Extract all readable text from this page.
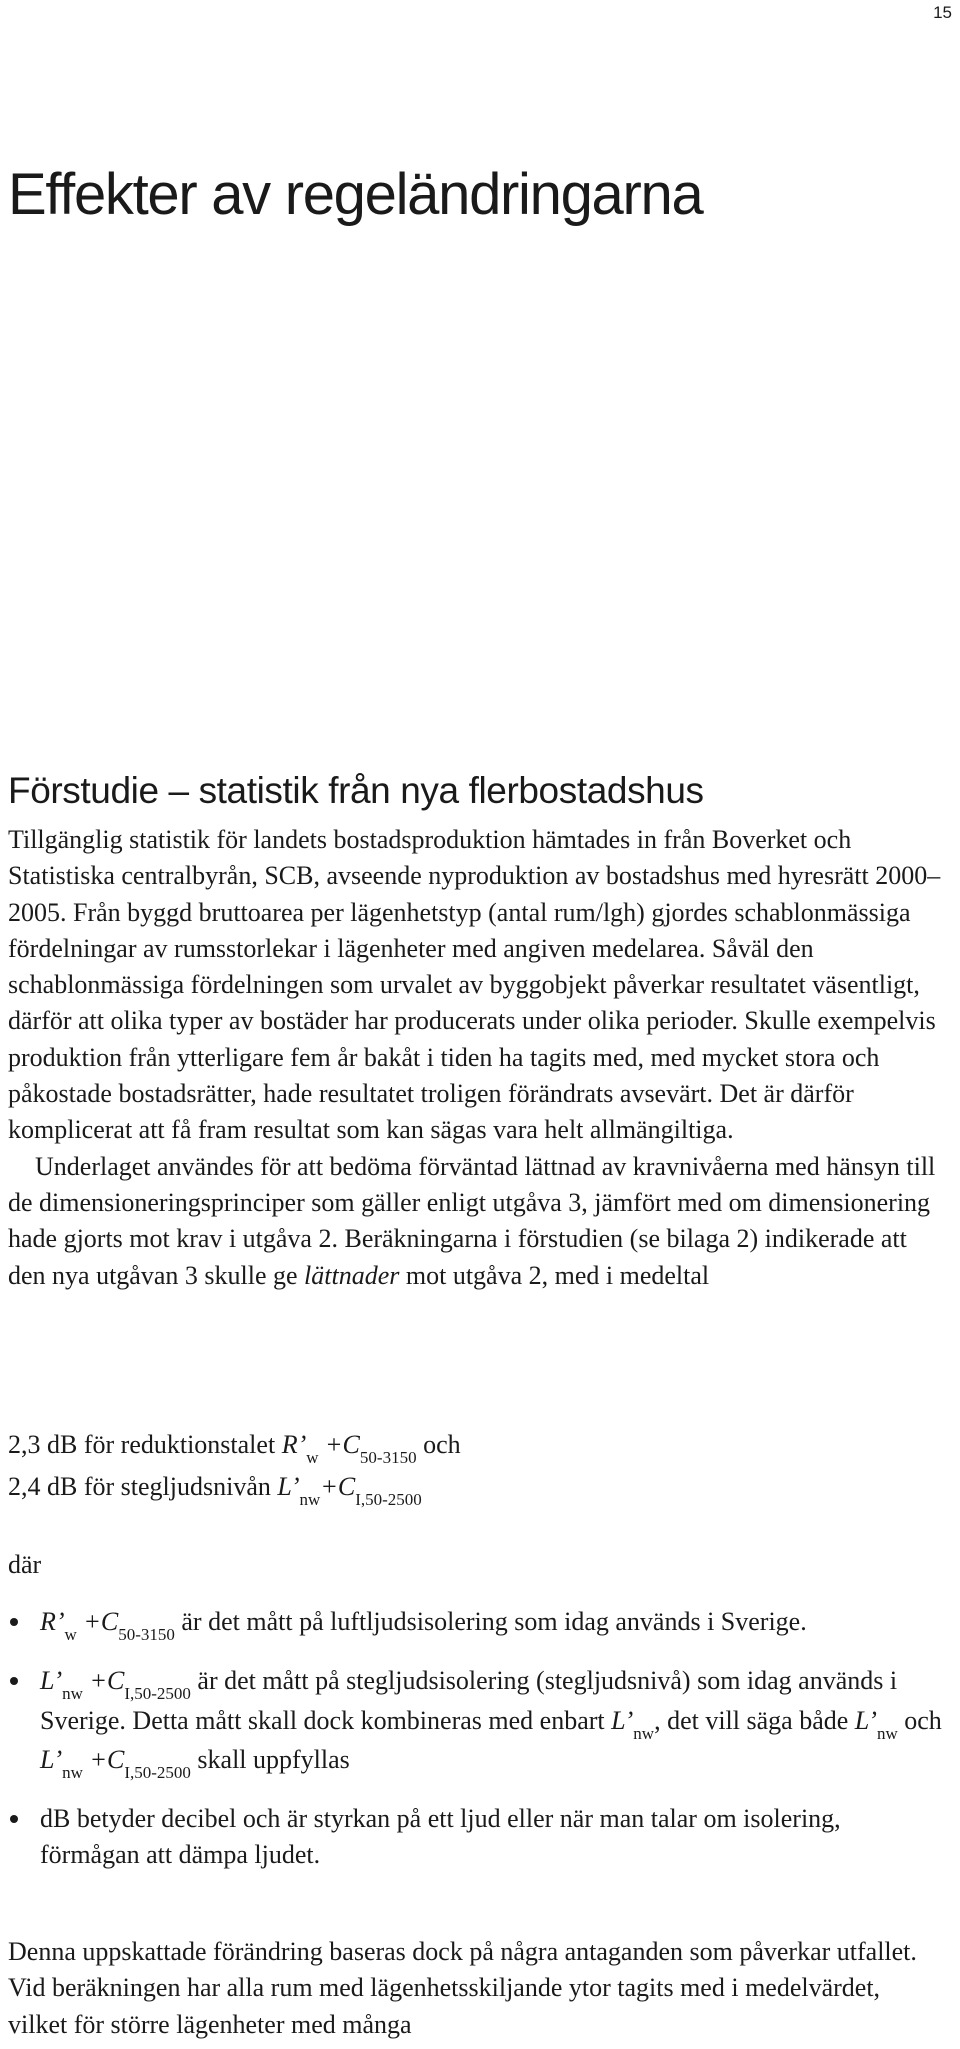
15
Effekter av regeländringarna
Förstudie – statistik från nya flerbostadshus

Tillgänglig statistik för landets bostadsproduktion hämtades in från Boverket och Statistiska centralbyrån, SCB, avseende nyproduktion av bostadshus med hyresrätt 2000–2005. Från byggd bruttoarea per lägenhetstyp (antal rum/lgh) gjordes schablonmässiga fördelningar av rumsstorlekar i lägenheter med angiven medelarea. Såväl den schablonmässiga fördelningen som urvalet av byggobjekt påverkar resultatet väsentligt, därför att olika typer av bostäder har producerats under olika perioder. Skulle exempelvis produktion från ytterligare fem år bakåt i tiden ha tagits med, med mycket stora och påkostade bostadsrätter, hade resultatet troligen förändrats avsevärt. Det är därför komplicerat att få fram resultat som kan sägas vara helt allmängiltiga.

Underlaget användes för att bedöma förväntad lättnad av kravnivåerna med hänsyn till de dimensioneringsprinciper som gäller enligt utgåva 3, jämfört med om dimensionering hade gjorts mot krav i utgåva 2. Beräkningarna i förstudien (se bilaga 2) indikerade att den nya utgåvan 3 skulle ge lättnader mot utgåva 2, med i medeltal

2,3 dB för reduktionstalet $R’_w +C_{50-3150}$ och
2,4 dB för stegljudsnivån $L’_{nw}+C_{I,50-2500}$
där
$R’_w +C_{50-3150}$ är det mått på luftljudsisolering som idag används i Sverige.
$L’_{nw} +C_{I,50-2500}$ är det mått på stegljudsisolering (stegljudsnivå) som idag används i Sverige. Detta mått skall dock kombineras med enbart $L’_{nw}$, det vill säga både $L’_{nw}$ och $L’_{nw} +C_{I,50-2500}$ skall uppfyllas
dB betyder decibel och är styrkan på ett ljud eller när man talar om isolering, förmågan att dämpa ljudet.

Denna uppskattade förändring baseras dock på några antaganden som påverkar utfallet. Vid beräkningen har alla rum med lägenhetsskiljande ytor tagits med i medelvärdet, vilket för större lägenheter med många
